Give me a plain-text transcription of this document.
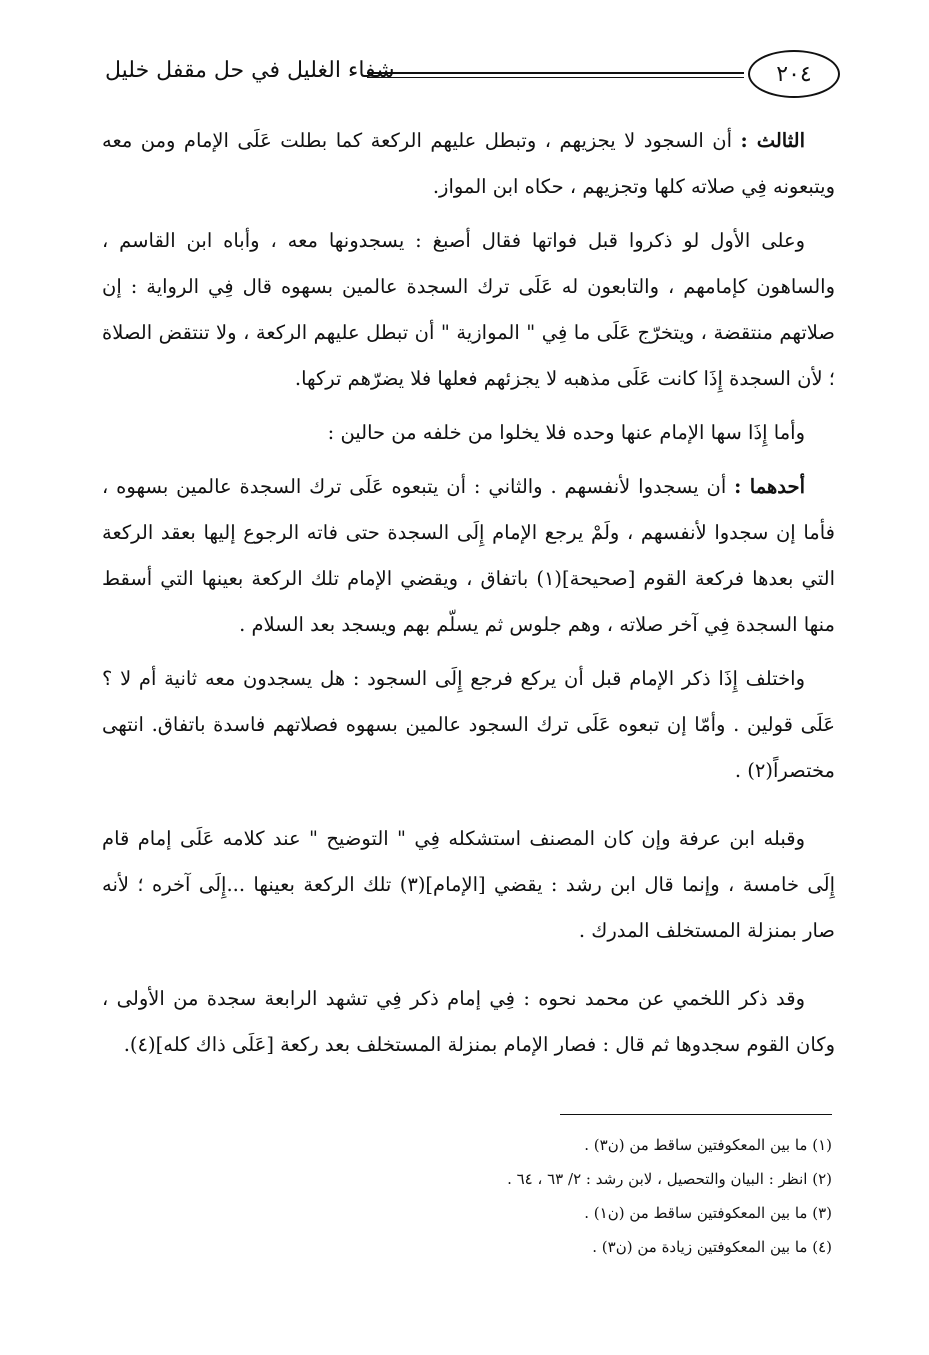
شفاء الغليل في حل مقفل خليل	٢٠٤

الثالث : أن السجود لا يجزيهم ، وتبطل عليهم الركعة كما بطلت عَلَى الإمام ومن معه ويتبعونه فِي صلاته كلها وتجزيهم ، حكاه ابن المواز.

وعلى الأول لو ذكروا قبل فواتها فقال أصبغ : يسجدونها معه ، وأباه ابن القاسم ، والساهون كإمامهم ، والتابعون له عَلَى ترك السجدة عالمين بسهوه قال فِي الرواية : إن صلاتهم منتقضة ، ويتخرّج عَلَى ما فِي " الموازية " أن تبطل عليهم الركعة ، ولا تنتقض الصلاة ؛ لأن السجدة إِذَا كانت عَلَى مذهبه لا يجزئهم فعلها فلا يضرّهم تركها.

وأما إِذَا سها الإمام عنها وحده فلا يخلوا من خلفه من حالين :

أحدهما : أن يسجدوا لأنفسهم . والثاني : أن يتبعوه عَلَى ترك السجدة عالمين بسهوه ، فأما إن سجدوا لأنفسهم ، ولَمْ يرجع الإمام إِلَى السجدة حتى فاته الرجوع إليها بعقد الركعة التي بعدها فركعة القوم [صحيحة](١) باتفاق ، ويقضي الإمام تلك الركعة بعينها التي أسقط منها السجدة فِي آخر صلاته ، وهم جلوس ثم يسلّم بهم ويسجد بعد السلام .

واختلف إِذَا ذكر الإمام قبل أن يركع فرجع إِلَى السجود : هل يسجدون معه ثانية أم لا ؟ عَلَى قولين . وأمّا إن تبعوه عَلَى ترك السجود عالمين بسهوه فصلاتهم فاسدة باتفاق. انتهى مختصراً(٢) .

وقبله ابن عرفة وإن كان المصنف استشكله فِي " التوضيح " عند كلامه عَلَى إمام قام إِلَى خامسة ، وإنما قال ابن رشد : يقضي [الإمام](٣) تلك الركعة بعينها ...إِلَى آخره ؛ لأنه صار بمنزلة المستخلف المدرك .

وقد ذكر اللخمي عن محمد نحوه : فِي إمام ذكر فِي تشهد الرابعة سجدة من الأولى ، وكان القوم سجدوها ثم قال : فصار الإمام بمنزلة المستخلف بعد ركعة [عَلَى ذاك كله](٤).

(١) ما بين المعكوفتين ساقط من (ن٣) .

(٢) انظر : البيان والتحصيل ، لابن رشد : ٢/ ٦٣ ، ٦٤ .

(٣) ما بين المعكوفتين ساقط من (ن١) .

(٤) ما بين المعكوفتين زيادة من (ن٣) .
